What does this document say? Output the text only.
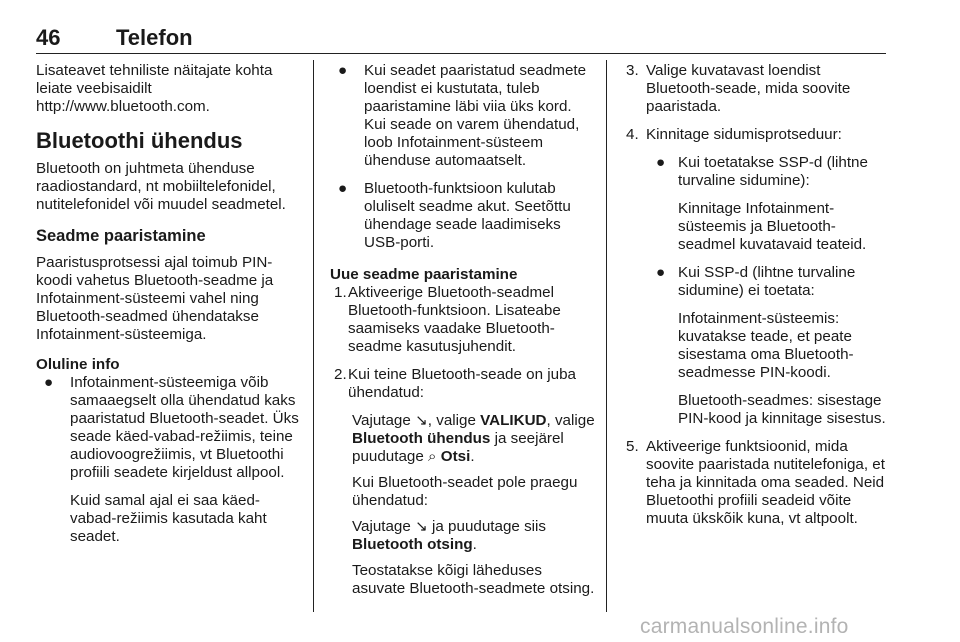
46	Telefon

Lisateavet tehniliste näitajate kohta leiate veebisaidilt http://www.bluetooth.com.

Bluetoothi ühendus

Bluetooth on juhtmeta ühenduse raadiostandard, nt mobiiltelefonidel, nutitelefonidel või muudel seadmetel.

Seadme paaristamine

Paaristusprotsessi ajal toimub PIN-koodi vahetus Bluetooth-seadme ja Infotainment-süsteemi vahel ning Bluetooth-seadmed ühendatakse Infotainment-süsteemiga.

Oluline info
● Infotainment-süsteemiga võib samaaegselt olla ühendatud kaks paaristatud Bluetooth-seadet. Üks seade käed-vabad-režiimis, teine audiovoogrežiimis, vt Bluetoothi profiili seadete kirjeldust allpool.
Kuid samal ajal ei saa käed-vabad-režiimis kasutada kaht seadet.
● Kui seadet paaristatud seadmete loendist ei kustutata, tuleb paaristamine läbi viia üks kord. Kui seade on varem ühendatud, loob Infotainment-süsteem ühenduse automaatselt.
● Bluetooth-funktsioon kulutab oluliselt seadme akut. Seetõttu ühendage seade laadimiseks USB-porti.
Uue seadme paaristamine
1. Aktiveerige Bluetooth-seadmel Bluetooth-funktsioon. Lisateabe saamiseks vaadake Bluetooth-seadme kasutusjuhendit.
2. Kui teine Bluetooth-seade on juba ühendatud:
Vajutage ↘, valige VALIKUD, valige Bluetooth ühendus ja seejärel puudutage ⌕ Otsi.
Kui Bluetooth-seadet pole praegu ühendatud:
Vajutage ↘ ja puudutage siis Bluetooth otsing.
Teostatakse kõigi läheduses asuvate Bluetooth-seadmete otsing.
3. Valige kuvatavast loendist Bluetooth-seade, mida soovite paaristada.
4. Kinnitage sidumisprotseduur:
● Kui toetatakse SSP-d (lihtne turvaline sidumine):
Kinnitage Infotainment-süsteemis ja Bluetooth-seadmel kuvatavaid teateid.
● Kui SSP-d (lihtne turvaline sidumine) ei toetata:
Infotainment-süsteemis: kuvatakse teade, et peate sisestama oma Bluetooth-seadmesse PIN-koodi.
Bluetooth-seadmes: sisestage PIN-kood ja kinnitage sisestus.
5. Aktiveerige funktsioonid, mida soovite paaristada nutitelefoniga, et teha ja kinnitada oma seaded. Neid Bluetoothi profiili seadeid võite muuta ükskõik kuna, vt altpoolt.
carmanualsonline.info
